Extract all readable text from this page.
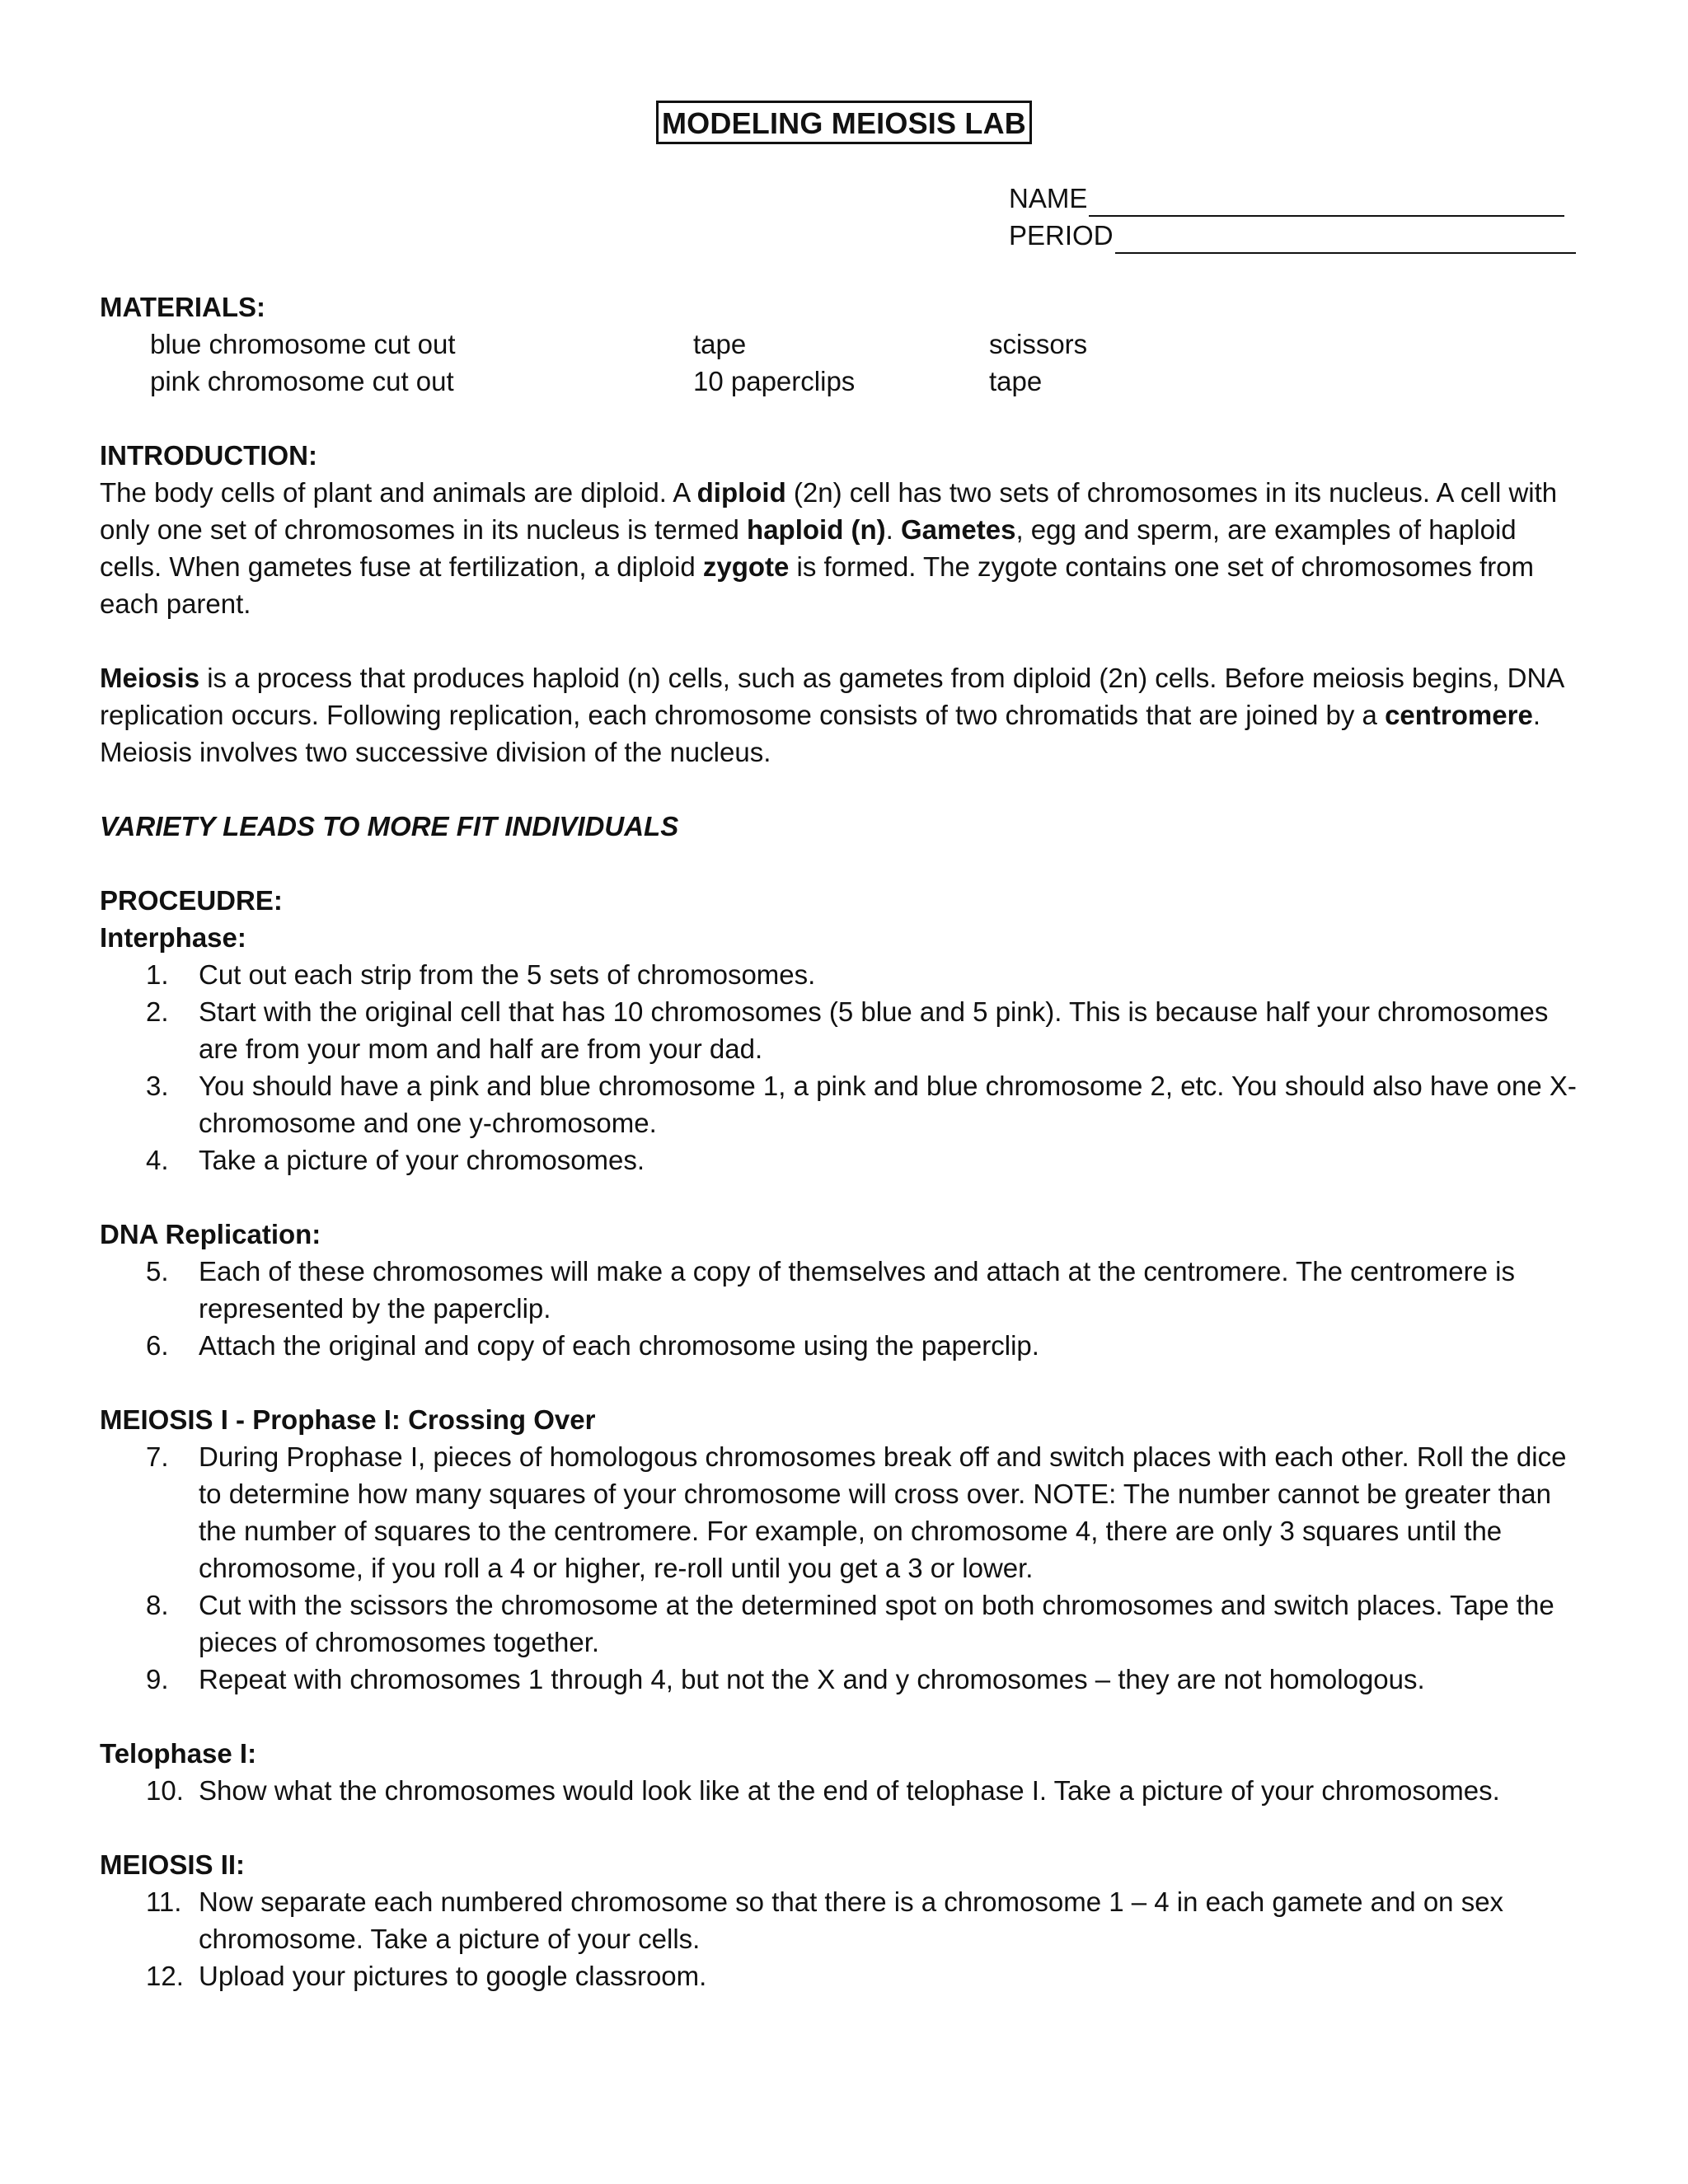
MODELING MEIOSIS LAB
NAME
PERIOD

MATERIALS:

blue chromosome cut out	tape	scissors
pink chromosome cut out	10 paperclips	tape

INTRODUCTION:

The body cells of plant and animals are diploid. A diploid (2n) cell has two sets of chromosomes in its nucleus. A cell with only one set of chromosomes in its nucleus is termed haploid (n). Gametes, egg and sperm, are examples of haploid cells. When gametes fuse at fertilization, a diploid zygote is formed. The zygote contains one set of chromosomes from each parent.

Meiosis is a process that produces haploid (n) cells, such as gametes from diploid (2n) cells. Before meiosis begins, DNA replication occurs. Following replication, each chromosome consists of two chromatids that are joined by a centromere. Meiosis involves two successive division of the nucleus.

VARIETY LEADS TO MORE FIT INDIVIDUALS

PROCEUDRE:

Interphase:

1.	Cut out each strip from the 5 sets of chromosomes.
2.	Start with the original cell that has 10 chromosomes (5 blue and 5 pink). This is because half your chromosomes are from your mom and half are from your dad.
3.	You should have a pink and blue chromosome 1, a pink and blue chromosome 2, etc. You should also have one X-chromosome and one y-chromosome.
4.	Take a picture of your chromosomes.

DNA Replication:

5.	Each of these chromosomes will make a copy of themselves and attach at the centromere. The centromere is represented by the paperclip.
6.	Attach the original and copy of each chromosome using the paperclip.

MEIOSIS I - Prophase I: Crossing Over

7.	During Prophase I, pieces of homologous chromosomes break off and switch places with each other. Roll the dice to determine how many squares of your chromosome will cross over. NOTE: The number cannot be greater than the number of squares to the centromere. For example, on chromosome 4, there are only 3 squares until the chromosome, if you roll a 4 or higher, re-roll until you get a 3 or lower.
8.	Cut with the scissors the chromosome at the determined spot on both chromosomes and switch places. Tape the pieces of chromosomes together.
9.	Repeat with chromosomes 1 through 4, but not the X and y chromosomes – they are not homologous.

Telophase I:

10. Show what the chromosomes would look like at the end of telophase I. Take a picture of your chromosomes.

MEIOSIS II:

11. Now separate each numbered chromosome so that there is a chromosome 1 – 4 in each gamete and on sex chromosome. Take a picture of your cells.
12. Upload your pictures to google classroom.
